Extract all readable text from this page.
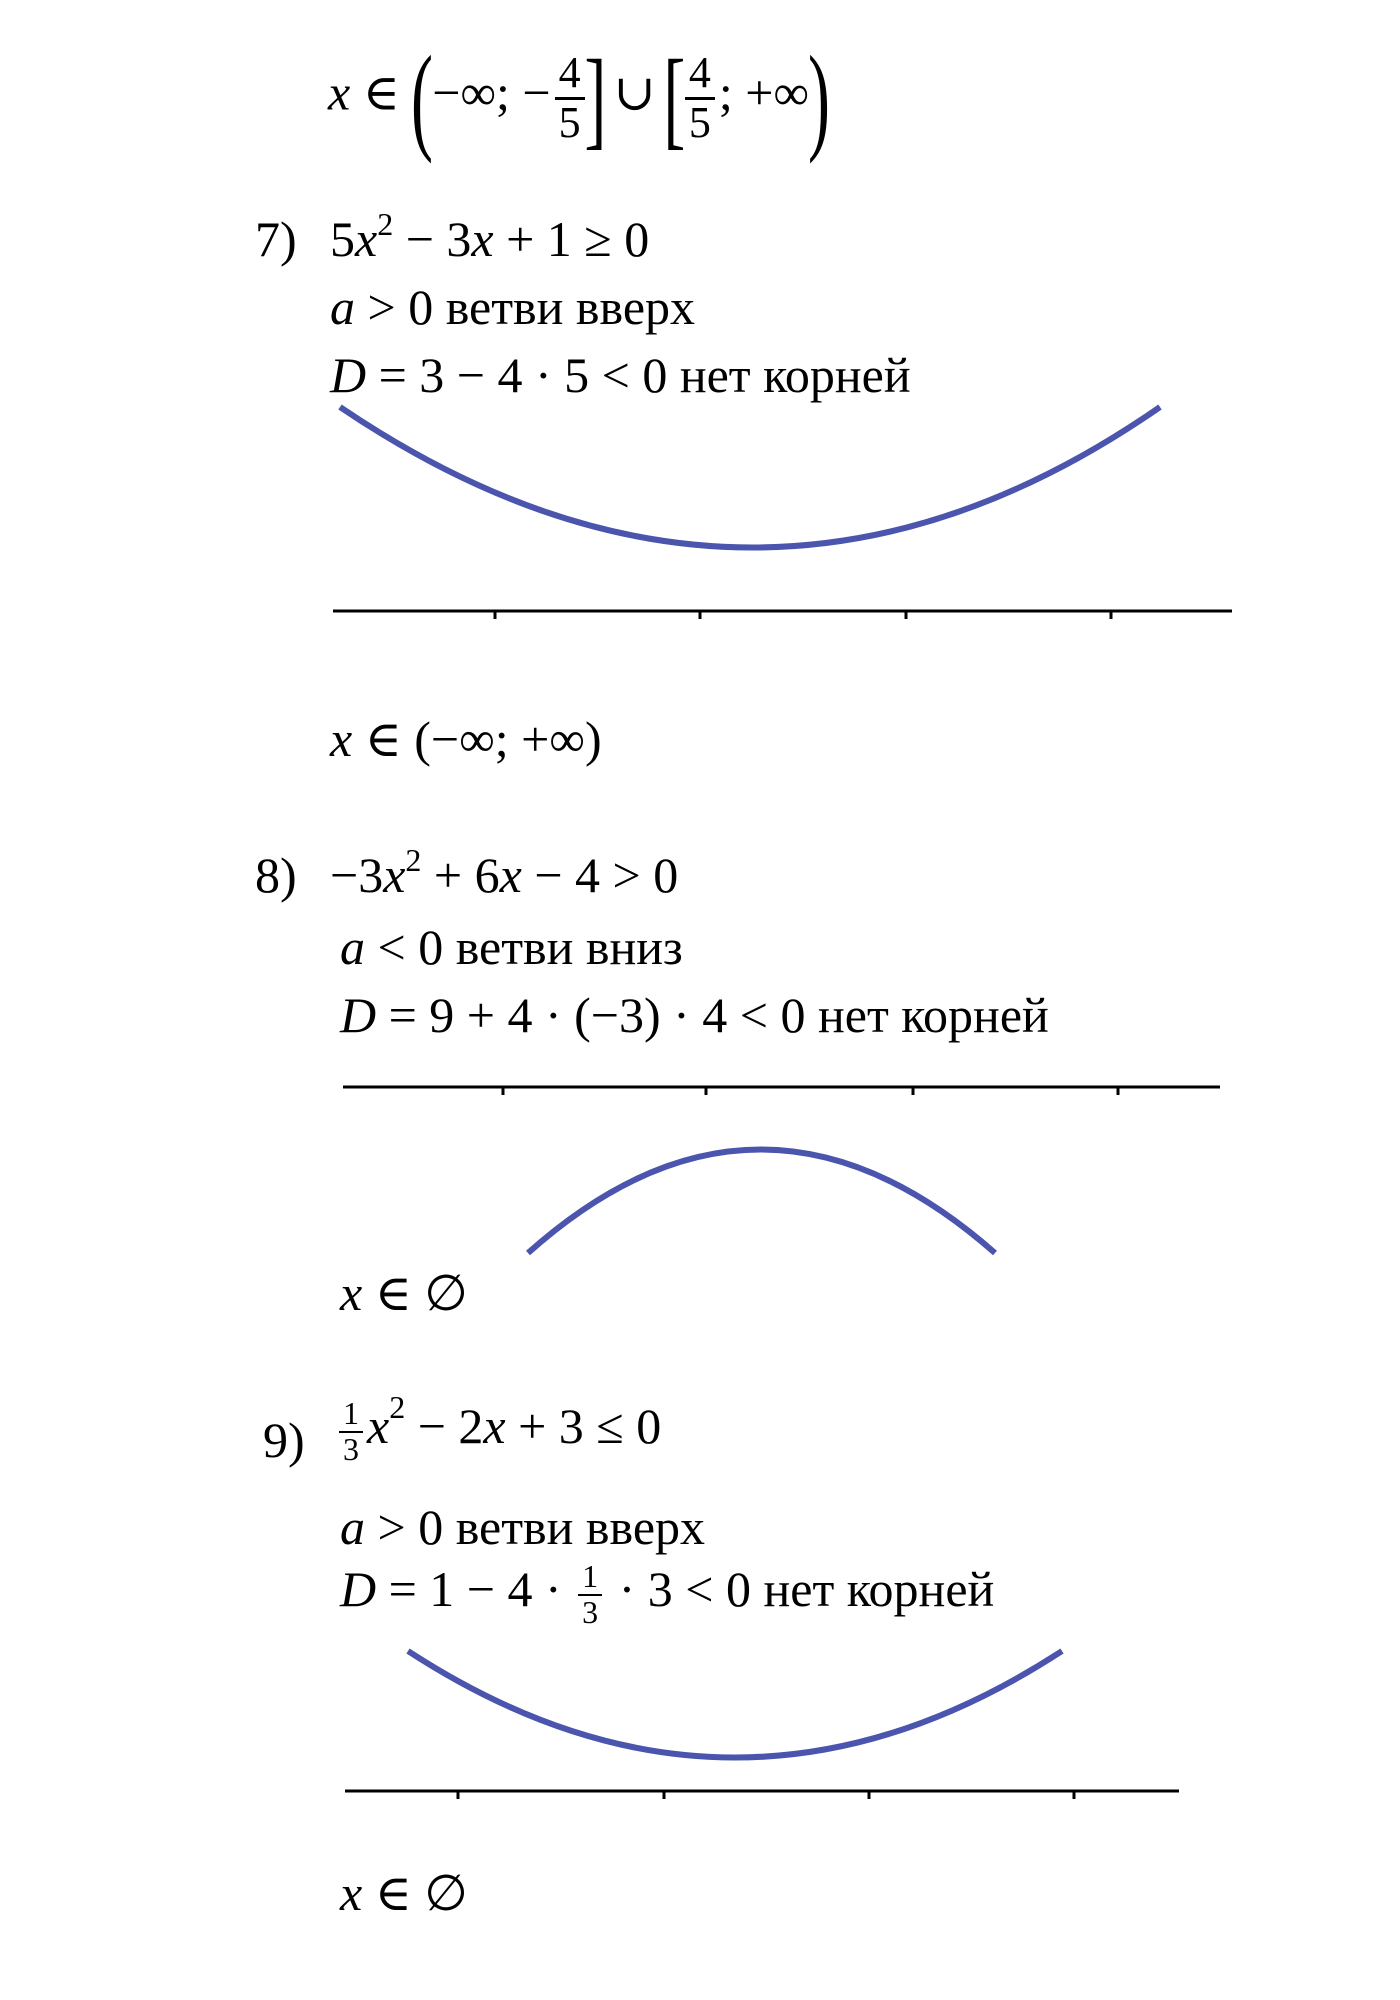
x ∈ (−∞; − $\frac{4}{5}$ ] ∪ [ $\frac{4}{5}$ ; +∞)
7) $5x^2 - 3x + 1 \ge 0$
a > 0 ветви вверх
D = 3 − 4 · 5 < 0 нет корней
x ∈ (−∞; +∞)
$8) -3x^2 + 6x - 4 > 0$
a < 0 ветви вниз
D = 9 + 4 · (−3) · 4 < 0 нет корней
x ∈ ∅
$9) \frac{1}{3} x^2 - 2x + 3 \le 0$
a > 0 ветви вверх
$D = 1 - 4 \cdot \frac{1}{3} \cdot 3 < 0$ нет корней
x ∈ ∅
